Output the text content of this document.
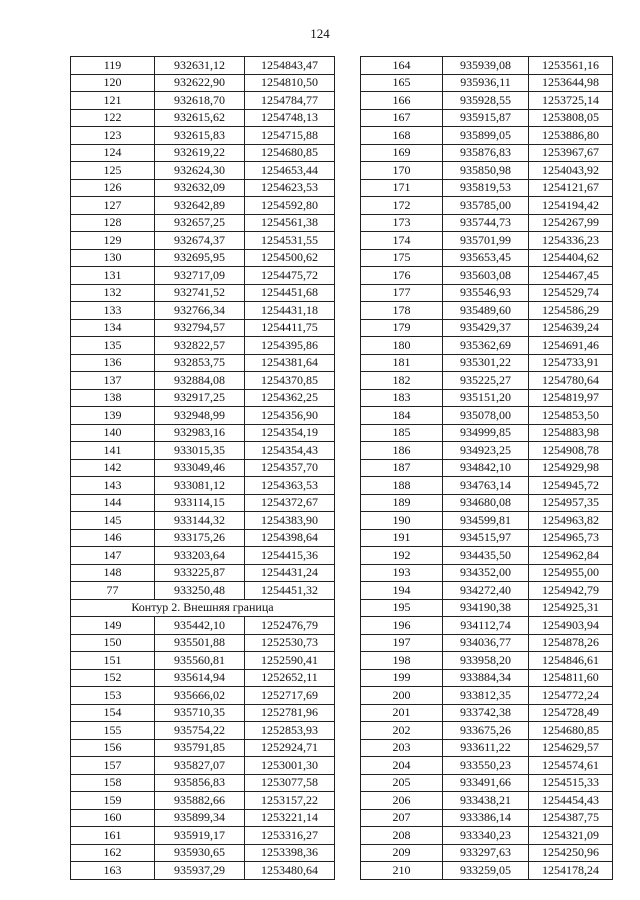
124
119	932631,12	1254843,47
120	932622,90	1254810,50
121	932618,70	1254784,77
122	932615,62	1254748,13
123	932615,83	1254715,88
124	932619,22	1254680,85
125	932624,30	1254653,44
126	932632,09	1254623,53
127	932642,89	1254592,80
128	932657,25	1254561,38
129	932674,37	1254531,55
130	932695,95	1254500,62
131	932717,09	1254475,72
132	932741,52	1254451,68
133	932766,34	1254431,18
134	932794,57	1254411,75
135	932822,57	1254395,86
136	932853,75	1254381,64
137	932884,08	1254370,85
138	932917,25	1254362,25
139	932948,99	1254356,90
140	932983,16	1254354,19
141	933015,35	1254354,43
142	933049,46	1254357,70
143	933081,12	1254363,53
144	933114,15	1254372,67
145	933144,32	1254383,90
146	933175,26	1254398,64
147	933203,64	1254415,36
148	933225,87	1254431,24
77	933250,48	1254451,32
Контур 2. Внешняя граница		
149	935442,10	1252476,79
150	935501,88	1252530,73
151	935560,81	1252590,41
152	935614,94	1252652,11
153	935666,02	1252717,69
154	935710,35	1252781,96
155	935754,22	1252853,93
156	935791,85	1252924,71
157	935827,07	1253001,30
158	935856,83	1253077,58
159	935882,66	1253157,22
160	935899,34	1253221,14
161	935919,17	1253316,27
162	935930,65	1253398,36
163	935937,29	1253480,64
164	935939,08	1253561,16
165	935936,11	1253644,98
166	935928,55	1253725,14
167	935915,87	1253808,05
168	935899,05	1253886,80
169	935876,83	1253967,67
170	935850,98	1254043,92
171	935819,53	1254121,67
172	935785,00	1254194,42
173	935744,73	1254267,99
174	935701,99	1254336,23
175	935653,45	1254404,62
176	935603,08	1254467,45
177	935546,93	1254529,74
178	935489,60	1254586,29
179	935429,37	1254639,24
180	935362,69	1254691,46
181	935301,22	1254733,91
182	935225,27	1254780,64
183	935151,20	1254819,97
184	935078,00	1254853,50
185	934999,85	1254883,98
186	934923,25	1254908,78
187	934842,10	1254929,98
188	934763,14	1254945,72
189	934680,08	1254957,35
190	934599,81	1254963,82
191	934515,97	1254965,73
192	934435,50	1254962,84
193	934352,00	1254955,00
194	934272,40	1254942,79
195	934190,38	1254925,31
196	934112,74	1254903,94
197	934036,77	1254878,26
198	933958,20	1254846,61
199	933884,34	1254811,60
200	933812,35	1254772,24
201	933742,38	1254728,49
202	933675,26	1254680,85
203	933611,22	1254629,57
204	933550,23	1254574,61
205	933491,66	1254515,33
206	933438,21	1254454,43
207	933386,14	1254387,75
208	933340,23	1254321,09
209	933297,63	1254250,96
210	933259,05	1254178,24
